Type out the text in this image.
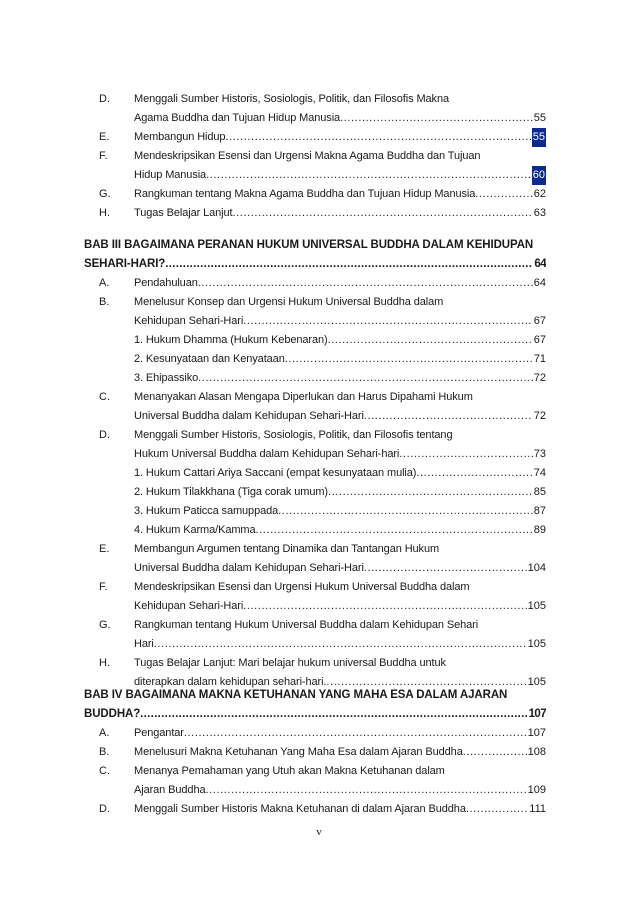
D.	Menggali Sumber Historis, Sosiologis, Politik, dan Filosofis Makna
Agama Buddha dan Tujuan Hidup Manusia .....	55
E.	Membangun Hidup .....	55
F.	Mendeskripsikan Esensi dan Urgensi Makna Agama Buddha dan Tujuan
Hidup Manusia .....	60
G.	Rangkuman tentang Makna Agama Buddha dan Tujuan Hidup Manusia .....	62
H.	Tugas Belajar Lanjut .....	63
BAB III BAGAIMANA PERANAN HUKUM UNIVERSAL BUDDHA DALAM KEHIDUPAN
SEHARI-HARI? .....	64
A.	Pendahuluan .....	64
B.	Menelusur Konsep dan Urgensi Hukum Universal Buddha dalam
Kehidupan Sehari-Hari .....	67
1. Hukum Dhamma (Hukum Kebenaran) .....	67
2. Kesunyataan dan Kenyataan .....	71
3. Ehipassiko .....	72
C.	Menanyakan Alasan Mengapa Diperlukan dan Harus Dipahami Hukum
Universal Buddha dalam Kehidupan Sehari-Hari .....	72
D.	Menggali Sumber Historis, Sosiologis, Politik, dan Filosofis tentang
Hukum Universal Buddha dalam Kehidupan Sehari-hari .....	73
1. Hukum Cattari Ariya Saccani (empat kesunyataan mulia) .....	74
2. Hukum Tilakkhana (Tiga corak umum) .....	85
3. Hukum Paticca samuppada .....	87
4. Hukum Karma/Kamma .....	89
E.	Membangun Argumen tentang Dinamika dan Tantangan Hukum
Universal Buddha dalam Kehidupan Sehari-Hari .....	104
F.	Mendeskripsikan Esensi dan Urgensi Hukum Universal Buddha dalam
Kehidupan Sehari-Hari .....	105
G.	Rangkuman tentang Hukum Universal Buddha dalam Kehidupan Sehari
Hari .....	105
H.	Tugas Belajar Lanjut: Mari belajar hukum universal Buddha untuk
diterapkan dalam kehidupan sehari-hari. .....	105
BAB IV BAGAIMANA MAKNA KETUHANAN YANG MAHA ESA DALAM AJARAN
BUDDHA? .....	107
A.	Pengantar .....	107
B.	Menelusuri Makna Ketuhanan Yang Maha Esa dalam Ajaran Buddha .....	108
C.	Menanya Pemahaman yang Utuh akan Makna Ketuhanan dalam
Ajaran Buddha .....	109
D.	Menggali Sumber Historis Makna Ketuhanan di dalam Ajaran Buddha .....	111
v
